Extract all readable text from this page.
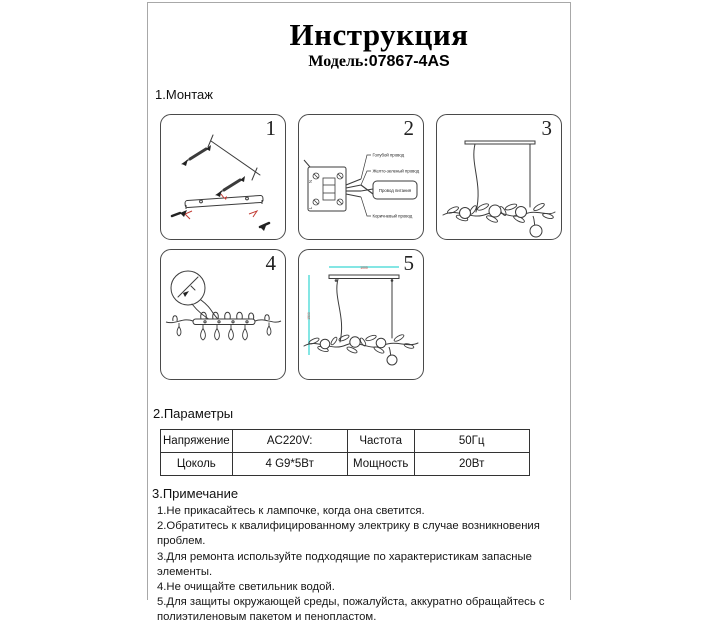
Инструкция
Модель:07867-4AS
1.Монтаж
1
N
L
Голубой провод
Желто-зеленый провод
Провод питания
Коричневый провод
2	3
4	1000
1500
5
2.Параметры
Напряжение	AC220V:	Частота	50Гц
Цоколь	4 G9*5Вт	Мощность	20Вт
3.Примечание

1.Не прикасайтесь к лампочке, когда она светится.

2.Обратитесь к квалифицированному электрику в случае возникновения проблем.

3.Для ремонта используйте подходящие по характеристикам запасные элементы.

4.Не очищайте светильник водой.

5.Для защиты окружающей среды, пожалуйста, аккуратно обращайтесь с полиэтиленовым пакетом и пенопластом.
